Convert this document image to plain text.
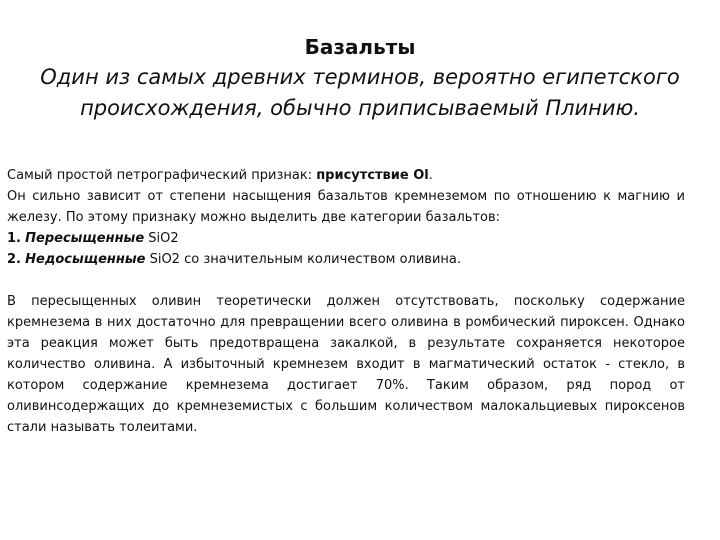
Базальты
Один из самых древних терминов, вероятно египетского происхождения, обычно приписываемый Плинию.

Самый простой петрографический признак: присутствие Ol.

Он сильно зависит от степени насыщения базальтов кремнеземом по отношению к магнию и железу. По этому признаку можно выделить две категории базальтов:

1. Пересыщенные SiO2

2. Недосыщенные SiO2 со значительным количеством оливина.

В пересыщенных оливин теоретически должен отсутствовать, поскольку содержание кремнезема в них достаточно для превращении всего оливина в ромбический пироксен. Однако эта реакция может быть предотвращена закалкой, в результате сохраняется некоторое количество оливина. А избыточный кремнезем входит в магматический остаток - стекло, в котором содержание кремнезема достигает 70%. Таким образом, ряд пород от оливинсодержащих до кремнеземистых с большим количеством малокальциевых пироксенов стали называть толеитами.
